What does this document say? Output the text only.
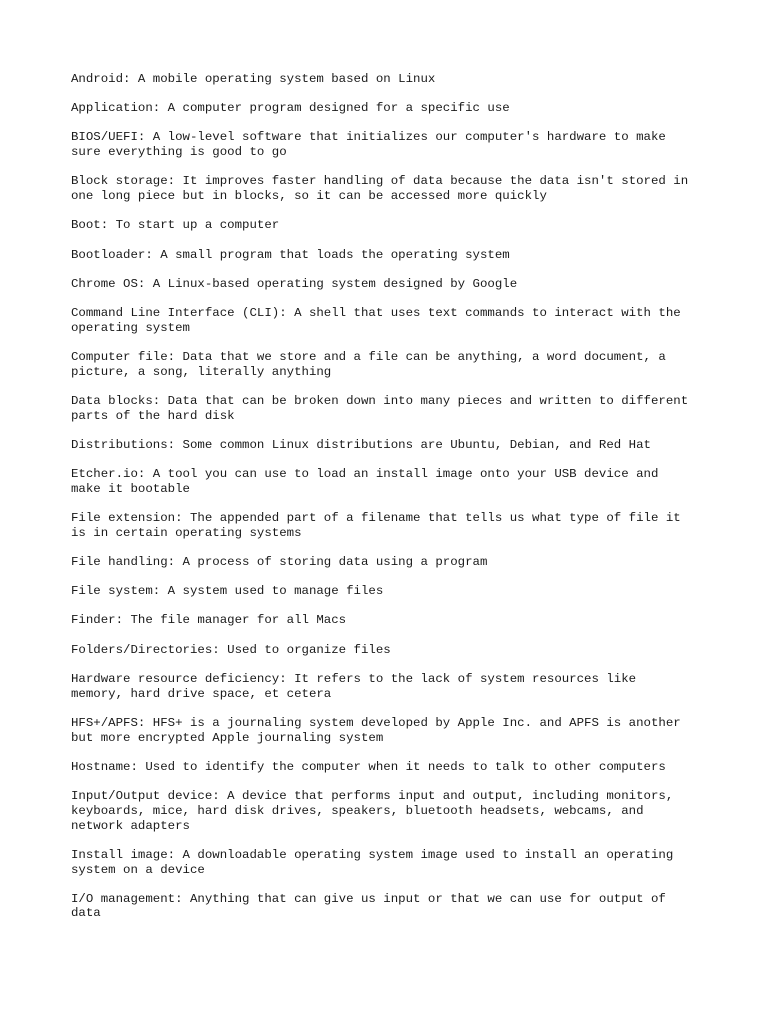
Android: A mobile operating system based on Linux

Application: A computer program designed for a specific use

BIOS/UEFI: A low-level software that initializes our computer's hardware to make
sure everything is good to go

Block storage: It improves faster handling of data because the data isn't stored in
one long piece but in blocks, so it can be accessed more quickly

Boot: To start up a computer

Bootloader: A small program that loads the operating system

Chrome OS: A Linux-based operating system designed by Google

Command Line Interface (CLI): A shell that uses text commands to interact with the
operating system

Computer file: Data that we store and a file can be anything, a word document, a
picture, a song, literally anything

Data blocks: Data that can be broken down into many pieces and written to different
parts of the hard disk

Distributions: Some common Linux distributions are Ubuntu, Debian, and Red Hat

Etcher.io: A tool you can use to load an install image onto your USB device and
make it bootable

File extension: The appended part of a filename that tells us what type of file it
is in certain operating systems

File handling: A process of storing data using a program

File system: A system used to manage files

Finder: The file manager for all Macs

Folders/Directories: Used to organize files

Hardware resource deficiency: It refers to the lack of system resources like
memory, hard drive space, et cetera

HFS+/APFS: HFS+ is a journaling system developed by Apple Inc. and APFS is another
but more encrypted Apple journaling system

Hostname: Used to identify the computer when it needs to talk to other computers

Input/Output device: A device that performs input and output, including monitors,
keyboards, mice, hard disk drives, speakers, bluetooth headsets, webcams, and
network adapters

Install image: A downloadable operating system image used to install an operating
system on a device

I/O management: Anything that can give us input or that we can use for output of
data
